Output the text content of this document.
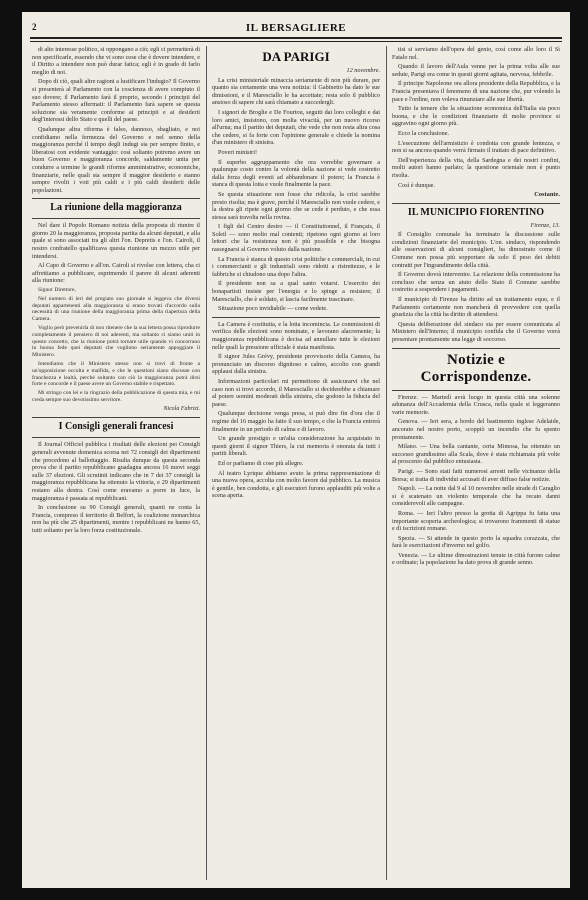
2	IL BERSAGLIERE

di alto interesse politico, si oppongano a ciò; egli ci permetterà di non specificarle, essendo che vi sono cose che è dovere intendere, e il Diritto a intendere non può durar fatica; egli è in grado di farlo meglio di noi.

Dopo di ciò, quali altre ragioni a lustificare l'indugio? Il Governo si presenterà al Parlamento con la coscienza di avere compiuto il suo dovere; il Parlamento farà il proprio, secondo i principii del Parlamento stesso affermati: il Parlamento farà sapere se questa soluzione sia veramente conforme ai principii e ai desiderii degl'interessi dello Stato e quelli del paese.

Qualunque altra riforma è falso, dannoso, sbagliato, e noi confidiamo nella fermezza del Governo e nel senno della maggioranza perché il tempo degli indugi sia per sempre finito, e liberatosi con evidente vantaggio: così soltanto potremo avere un buon Governo e maggioranza concorde, saldamente unita per condurre a termine le grandi riforme amministrative, economiche, finanziarie, nelle quali sta sempre il maggior desiderio e stanno sempre rivolti i voti più caldi e i più caldi desiderii delle popolazioni.

La riunione della maggioranza

Nel dare il Popolo Romano notizia della proposta di riunire il giorno 20 la maggioranza, proposta partita da alcuni deputati, e alla quale si sono associati tra gli altri l'on. Depretis e l'on. Cairoli, il nostro confratello qualificava questa riunione un mezzo utile per intendersi.

Al Capo di Governo e all'on. Cairoli si rivolse con lettera, cha ci affrettiamo a pubblicare, esprimendo il parere di alcuni aderenti alla riunione:

Signor Direttore,

Nel numero di ieri del pregiato suo giornale si leggeva che diversi deputati appartenenti alla maggioranza si erano trovati d'accordo sulla necessità di una riunione della maggioranza prima della riapertura della Camera.

Voglio però prevenirla di non ritenere che la sua lettera possa riprodurre completamente il pensiero di noi aderenti, ma soltanto ci siamo uniti in questo concetto, che la riunione potrà tornare utile quando vi concorrano in buona fede quei deputati che vogliono seriamente appoggiare il Ministero.

Intendiamo che il Ministero stesso non si trovi di fronte a un'opposizione occulta e malfida, e che le questioni siano discusse con franchezza e lealtà, perché soltanto con ciò la maggioranza potrà dirsi forte e concorde e il paese avere un Governo stabile e rispettato.

Mi stringo con lei e la ringrazio della pubblicazione di questa mia, e mi creda sempre suo devotissimo servitore.

Nicola Fabrizi.
I Consigli generali francesi

Il Journal Officiel pubblica i risultati delle elezioni pei Consigli generali avvenute domenica scorsa nei 72 consigli dei dipartimenti che procedono al ballottaggio. Risulta dunque da questa seconda prova che il partito repubblicano guadagna ancora 16 nuovi seggi sulle 37 elezioni. Gli scrutinii indicano che in 7 dei 37 consigli la maggioranza repubblicana ha ottenuto la vittoria, e 29 dipartimenti restano alla destra. Così come eravamo a porre in luce, la maggioranza è passata ai repubblicani.

In conclusione su 90 Consigli generali, quanti ne conta la Francia, compreso il territorio di Belfort, la coalizione monarchica non ha più che 25 dipartimenti, mentre i repubblicani ne hanno 65, tutti soltanto per la loro forza costituzionale.

DA PARIGI
12 novembre.

La crisi ministeriale minaccia seriamente di non più durare, per quanto sia certamente una vera notizia: il Gabinetto ha dato le sue dimissioni, e il Maresciallo le ha accettate; resta solo il pubblico ansioso di sapere chi sarà chiamato a succedergli.

I signori de Broglie e De Fourtou, seguiti dai loro colleghi e dai loro amici, insistono, con molta vivacità, per un nuovo ricorso all'urna; ma il partito dei deputati, che vede che non resta altra cosa che cedere, si fa forte con l'opinione generale e chiede la nomina d'un ministero di sinistra.

Poveri ministri!

Il superbo aggruppamento che ora vorrebbe governare a qualunque costo contro la volontà della nazione si vede costretto dalla forza degli eventi ad abbandonare il potere; la Francia è stanca di questa lotta e vuole finalmente la pace.

Se questa situazione non fosse che ridicola, la crisi sarebbe presto risolta; ma è grave, perché il Maresciallo non vuole cedere, e la destra gli ripete ogni giorno che se cede è perduto, e che essa stessa sarà travolta nella rovina.

I figli del Centro destro — il Constitutionnel, il Français, il Soleil — sono molto mal contenti; ripetono ogni giorno ai loro lettori che la resistenza non è più possibile e che bisogna rassegnarsi al Governo voluto dalla nazione.

La Francia è stanca di questo crisi politiche e commerciali, in cui i commercianti e gli industriali sono ridotti a ristrettezze, e le fabbriche si chiudono una dopo l'altra.

Il presidente non sa a qual santo votarsi. L'esercito dei bonapartisti insiste per l'energia e lo spinge a resistere; il Maresciallo, che è soldato, si lascia facilmente trascinare.

Situazione poco invidiabile — come vedete.

La Camera è costituita, e la lotta incomincia. Le commissioni di verifica delle elezioni sono nominate, e lavorano alacremente; la maggioranza repubblicana è decisa ad annullare tutte le elezioni nelle quali la pressione ufficiale è stata manifesta.

Il signor Jules Grévy, presidente provvisorio della Camera, ha pronunciato un discorso dignitoso e calmo, accolto con grandi applausi dalla sinistra.

Informazioni particolari mi permettono di assicurarvi che nel caso non si trovi accordo, il Maresciallo si deciderebbe a chiamare al potere uomini moderati della sinistra, che godono la fiducia del paese.

Qualunque decisione venga presa, si può dire fin d'ora che il regime del 16 maggio ha fatto il suo tempo, e che la Francia entrerà finalmente in un periodo di calma e di lavoro.

Un grande prestigio e un'alta considerazione ha acquistato in questi giorni il signor Thiers, la cui memoria è onorata da tutti i partiti liberali.

Ed or parliamo di cose più allegre.

Al teatro Lyrique abbiamo avuto la prima rappresentazione di una nuova opera, accolta con molto favore dal pubblico. La musica è gentile, ben condotta, e gli esecutori furono applauditi più volte a scena aperta.

tisi si serviamo dell'opera del genio, così come allo loro il Sì Fatalo nel.

Quando il lavoro dell'Aula venne per la prima volta alle sue sedute, Parigi era come in questi giorni agitata, nervosa, febbrile.

Il principe Napoleone ora allora presidente della Repubblica, e la Francia presentava il fenomeno di una nazione che, pur volendo la pace e l'ordine, non voleva rinunziare alle sue libertà.

Tutto fa temere che la situazione economica dell'Italia sia poco buona, e che le condizioni finanziarie di molte province si aggravino ogni giorno più.

Ecco la conclusione.

L'esecuzione dell'armistizio è condotta con grande lentezza, e non si sa ancora quando verrà firmato il trattato di pace definitivo.

Dell'esperienza della vita, della Sardegna e dei nostri confini, molti autori hanno parlato; la questione orientale non è punto risolta.

Così è dunque.

Costante.
IL MUNICIPIO FIORENTINO
Firenze, 13.

Il Consiglio comunale ha terminato la discussione sulle condizioni finanziarie del municipio. L'on. sindaco, rispondendo alle osservazioni di alcuni consiglieri, ha dimostrato come il Comune non possa più sopportare da solo il peso dei debiti contratti per l'ingrandimento della città.

Il Governo dovrà intervenire. La relazione della commissione ha concluso che senza un aiuto dello Stato il Comune sarebbe costretto a sospendere i pagamenti.

Il municipio di Firenze ha diritto ad un trattamento equo, e il Parlamento certamente non mancherà di provvedere con quella giustizia che la città ha diritto di attendersi.

Questa deliberazione del sindaco sta per essere comunicata al Ministero dell'Interno; il municipio confida che il Governo vorrà presentare prontamente una legge di soccorso.

Notizie e Corrispondenze.

Firenze. — Martedì avrà luogo in questa città una solenne adunanza dell'Accademia della Crusca, nella quale si leggeranno varie memorie.

Genova. — Ieri sera, a bordo del bastimento inglese Adelaide, ancorato nel nostro porto, scoppiò un incendio che fu spento prontamente.

Milano. — Una bella cantante, certa Mimosa, ha ottenuto un successo grandissimo alla Scala, dove è stata richiamata più volte al proscenio dal pubblico entusiasta.

Parigi. — Sono stati fatti numerosi arresti nelle vicinanze della Borsa; si tratta di individui accusati di aver diffuso false notizie.

Napoli. — La notte dal 9 al 10 novembre nelle strade di Caraglio si è scatenato un violento temporale che ha recato danni considerevoli alle campagne.

Roma. — Ieri l'altro presso la grotta di Agrippa fu fatta una importante scoperta archeologica; si trovarono frammenti di statue e di iscrizioni romane.

Spezia. — Si attende in questo porto la squadra corazzata, che farà le esercitazioni d'inverno nel golfo.

Venezia. — Le ultime dimostrazioni tenute in città furono calme e ordinate; la popolazione ha dato prova di grande senno.
